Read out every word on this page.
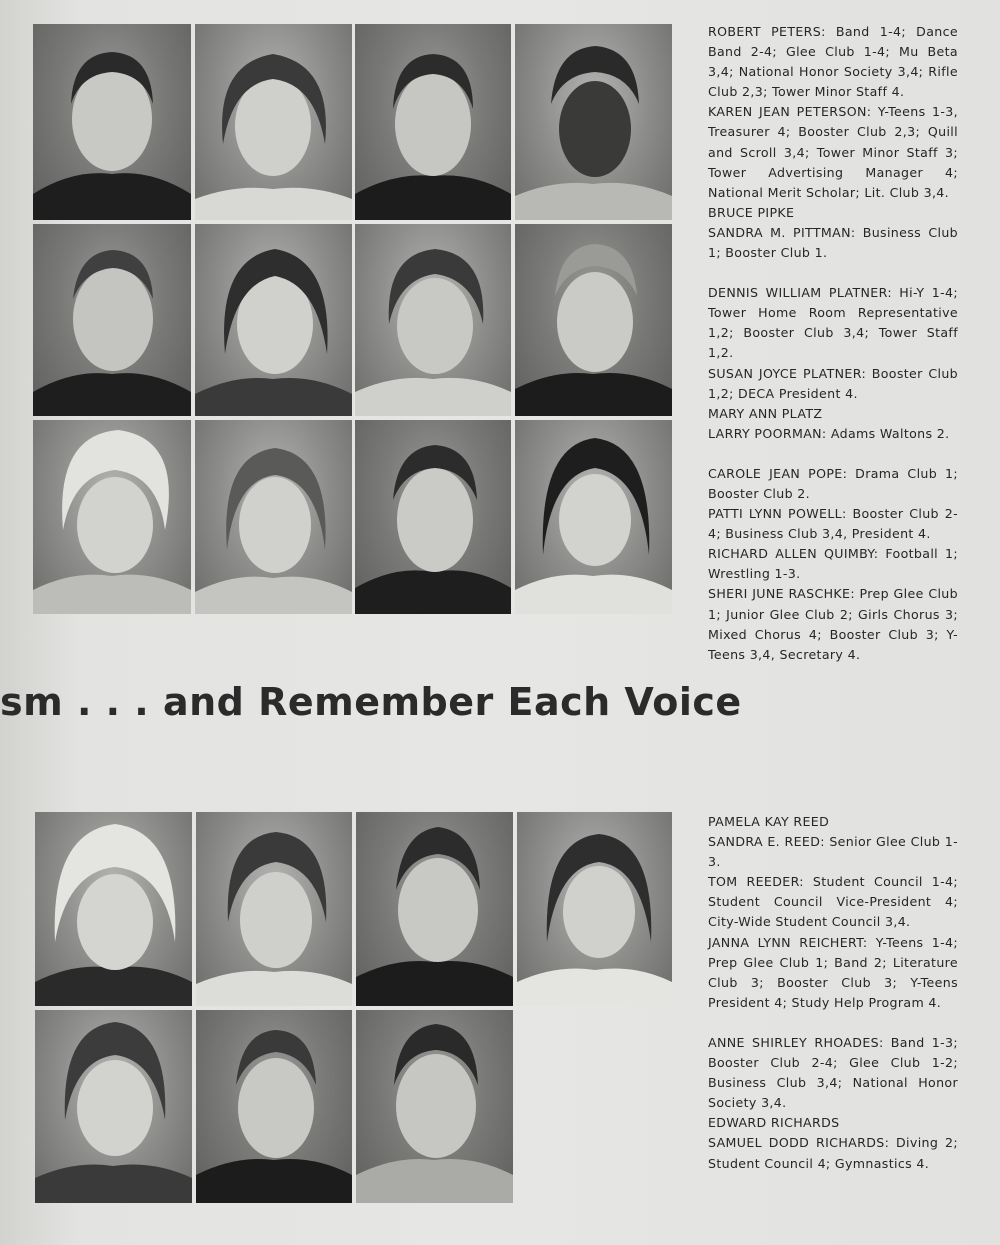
ROBERT PETERS: Band 1-4; Dance Band 2-4; Glee Club 1-4; Mu Beta 3,4; National Honor Society 3,4; Rifle Club 2,3; Tower Minor Staff 4.

KAREN JEAN PETERSON: Y-Teens 1-3, Treasurer 4; Booster Club 2,3; Quill and Scroll 3,4; Tower Minor Staff 3; Tower Advertising Manager 4; National Merit Scholar; Lit. Club 3,4.

BRUCE PIPKE

SANDRA M. PITTMAN: Business Club 1; Booster Club 1.

DENNIS WILLIAM PLATNER: Hi-Y 1-4; Tower Home Room Representative 1,2; Booster Club 3,4; Tower Staff 1,2.

SUSAN JOYCE PLATNER: Booster Club 1,2; DECA President 4.

MARY ANN PLATZ

LARRY POORMAN: Adams Waltons 2.

CAROLE JEAN POPE: Drama Club 1; Booster Club 2.

PATTI LYNN POWELL: Booster Club 2-4; Business Club 3,4, President 4.

RICHARD ALLEN QUIMBY: Football 1; Wrestling 1-3.

SHERI JUNE RASCHKE: Prep Glee Club 1; Junior Glee Club 2; Girls Chorus 3; Mixed Chorus 4; Booster Club 3; Y-Teens 3,4, Secretary 4.

sm . . . and Remember Each Voice

PAMELA KAY REED

SANDRA E. REED: Senior Glee Club 1-3.

TOM REEDER: Student Council 1-4; Student Council Vice-President 4; City-Wide Student Council 3,4.

JANNA LYNN REICHERT: Y-Teens 1-4; Prep Glee Club 1; Band 2; Literature Club 3; Booster Club 3; Y-Teens President 4; Study Help Program 4.

ANNE SHIRLEY RHOADES: Band 1-3; Booster Club 2-4; Glee Club 1-2; Business Club 3,4; National Honor Society 3,4.

EDWARD RICHARDS

SAMUEL DODD RICHARDS: Diving 2; Student Council 4; Gymnastics 4.
